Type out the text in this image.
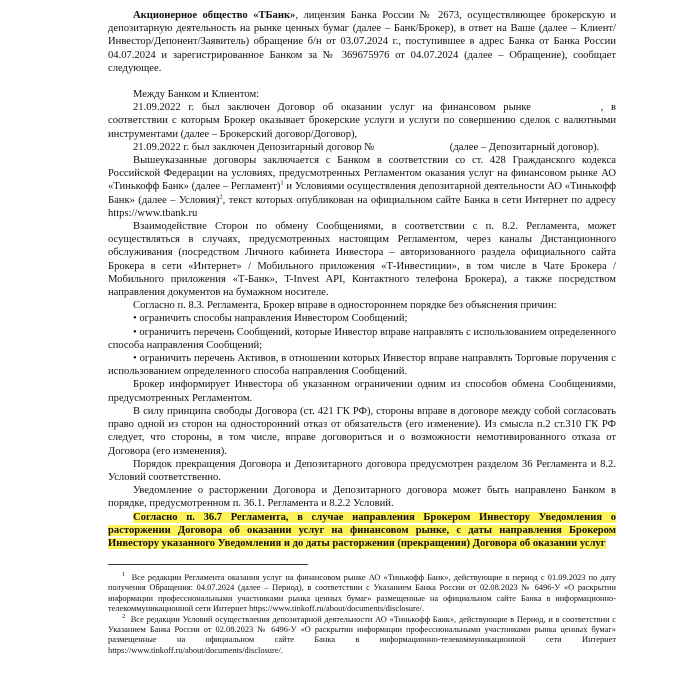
Акционерное общество «ТБанк», лицензия Банка России № 2673, осуществляющее брокерскую и депозитарную деятельность на рынке ценных бумаг (далее – Банк/Брокер), в ответ на Ваше (далее – Клиент/Инвестор/Депонент/Заявитель) обращение б/н от 03.07.2024 г., поступившее в адрес Банка от Банка России 04.07.2024 и зарегистрированное Банком за № 369675976 от 04.07.2024 (далее – Обращение), сообщает следующее.

Между Банком и Клиентом:

21.09.2022 г. был заключен Договор об оказании услуг на финансовом рынке	, в соответствии с которым Брокер оказывает брокерские услуги и услуги по совершению сделок с валютными инструментами (далее – Брокерский договор/Договор),

21.09.2022 г. был заключен Депозитарный договор №	(далее – Депозитарный договор).

Вышеуказанные договоры заключается с Банком в соответствии со ст. 428 Гражданского кодекса Российской Федерации на условиях, предусмотренных Регламентом оказания услуг на финансовом рынке АО «Тинькофф Банк» (далее – Регламент)$^1$ и Условиями осуществления депозитарной деятельности АО «Тинькофф Банк» (далее – Условия)$^2$, текст которых опубликован на официальном сайте Банка в сети Интернет по адресу https://www.tbank.ru

Взаимодействие Сторон по обмену Сообщениями, в соответствии с п. 8.2. Регламента, может осуществляться в случаях, предусмотренных настоящим Регламентом, через каналы Дистанционного обслуживания (посредством Личного кабинета Инвестора – авторизованного раздела официального сайта Брокера в сети «Интернет» / Мобильного приложения «Т-Инвестиции», в том числе в Чате Брокера / Мобильного приложения «Т-Банк», T-Invest API, Контактного телефона Брокера), а также посредством направления документов на бумажном носителе.

Согласно п. 8.3. Регламента, Брокер вправе в одностороннем порядке без объяснения причин:

• ограничить способы направления Инвестором Сообщений;

• ограничить перечень Сообщений, которые Инвестор вправе направлять с использованием определенного способа направления Сообщений;

• ограничить перечень Активов, в отношении которых Инвестор вправе направлять Торговые поручения с использованием определенного способа направления Сообщений.

Брокер информирует Инвестора об указанном ограничении одним из способов обмена Сообщениями, предусмотренных Регламентом.

В силу принципа свободы Договора (ст. 421 ГК РФ), стороны вправе в договоре между собой согласовать право одной из сторон на односторонний отказ от обязательств (его изменение). Из смысла п.2 ст.310 ГК РФ следует, что стороны, в том числе, вправе договориться и о возможности немотивированного отказа от Договора (его изменения).

Порядок прекращения Договора и Депозитарного договора предусмотрен разделом 36 Регламента и 8.2. Условий соответственно.

Уведомление о расторжении Договора и Депозитарного договора может быть направлено Банком в порядке, предусмотренном п. 36.1. Регламента и 8.2.2 Условий.

Согласно п. 36.7 Регламента, в случае направления Брокером Инвестору Уведомления о расторжении Договора об оказании услуг на финансовом рынке, с даты направления Брокером Инвестору указанного Уведомления и до даты расторжения (прекращения) Договора об оказании услуг

$^1$ Все редакции Регламента оказания услуг на финансовом рынке АО «Тинькофф Банк», действующие в период с 01.09.2023 по дату получения Обращения: 04.07.2024 (далее – Период), в соответствии с Указанием Банка России от 02.08.2023 № 6496-У «О раскрытии информации профессиональными участниками рынка ценных бумаг» размещенные на официальном сайте Банка в информационно-телекоммуникационной сети Интернет https://www.tinkoff.ru/about/documents/disclosure/.

$^2$ Все редакции Условий осуществления депозитарной деятельности АО «Тинькофф Банк», действующие в Период, и в соответствии с Указанием Банка России от 02.08.2023 № 6496-У «О раскрытии информации профессиональными участниками рынка ценных бумаг» размещенные на официальном сайте Банка в информационно-телекоммуникационной сети Интернет https://www.tinkoff.ru/about/documents/disclosure/.
